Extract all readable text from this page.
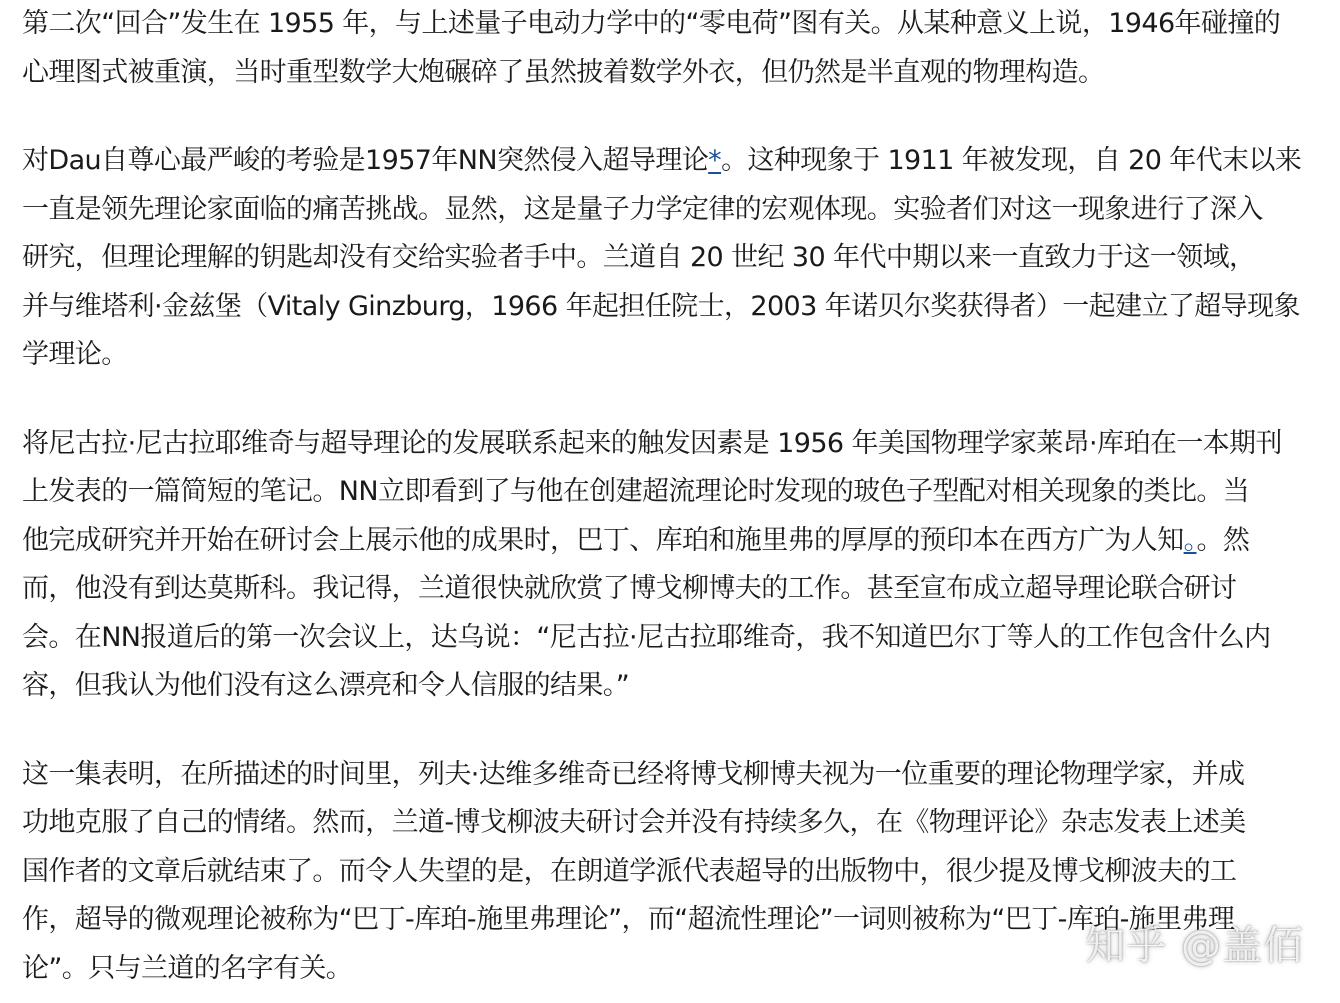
第二次“回合”发生在 1955 年，与上述量子电动力学中的“零电荷”图有关。从某种意义上说，1946年碰撞的
心理图式被重演，当时重型数学大炮碾碎了虽然披着数学外衣，但仍然是半直观的物理构造。

对Dau自尊心最严峻的考验是1957年NN突然侵入超导理论*。这种现象于 1911 年被发现，自 20 年代末以来
一直是领先理论家面临的痛苦挑战。显然，这是量子力学定律的宏观体现。实验者们对这一现象进行了深入
研究，但理论理解的钥匙却没有交给实验者手中。兰道自 20 世纪 30 年代中期以来一直致力于这一领域，
并与维塔利·金兹堡（Vitaly Ginzburg，1966 年起担任院士，2003 年诺贝尔奖获得者）一起建立了超导现象
学理论。

将尼古拉·尼古拉耶维奇与超导理论的发展联系起来的触发因素是 1956 年美国物理学家莱昂·库珀在一本期刊
上发表的一篇简短的笔记。NN立即看到了与他在创建超流理论时发现的玻色子型配对相关现象的类比。当
他完成研究并开始在研讨会上展示他的成果时，巴丁、库珀和施里弗的厚厚的预印本在西方广为人知。。然
而，他没有到达莫斯科。我记得，兰道很快就欣赏了博戈柳博夫的工作。甚至宣布成立超导理论联合研讨
会。在NN报道后的第一次会议上，达乌说：“尼古拉·尼古拉耶维奇，我不知道巴尔丁等人的工作包含什么内
容，但我认为他们没有这么漂亮和令人信服的结果。”

这一集表明，在所描述的时间里，列夫·达维多维奇已经将博戈柳博夫视为一位重要的理论物理学家，并成
功地克服了自己的情绪。然而，兰道-博戈柳波夫研讨会并没有持续多久，在《物理评论》杂志发表上述美
国作者的文章后就结束了。而令人失望的是，在朗道学派代表超导的出版物中，很少提及博戈柳波夫的工
作，超导的微观理论被称为“巴丁-库珀-施里弗理论”，而“超流性理论”一词则被称为“巴丁-库珀-施里弗理
论”。只与兰道的名字有关。	知乎 @盖佰
